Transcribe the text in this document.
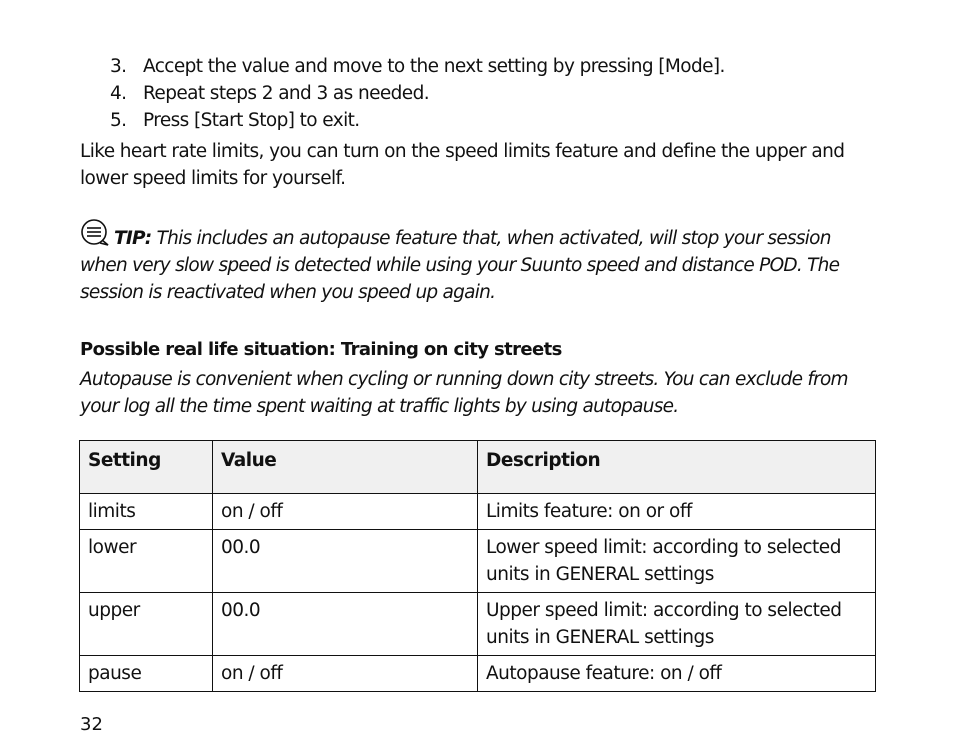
3. Accept the value and move to the next setting by pressing [Mode].
4. Repeat steps 2 and 3 as needed.
5. Press [Start Stop] to exit.

Like heart rate limits, you can turn on the speed limits feature and define the upper and lower speed limits for yourself.

TIP: This includes an autopause feature that, when activated, will stop your session when very slow speed is detected while using your Suunto speed and distance POD. The session is reactivated when you speed up again.
Possible real life situation: Training on city streets

Autopause is convenient when cycling or running down city streets. You can exclude from your log all the time spent waiting at traffic lights by using autopause.

Setting	Value	Description
limits	on / off	Limits feature: on or off
lower	00.0	Lower speed limit: according to selected units in GENERAL settings
upper	00.0	Upper speed limit: according to selected units in GENERAL settings
pause	on / off	Autopause feature: on / off
32
